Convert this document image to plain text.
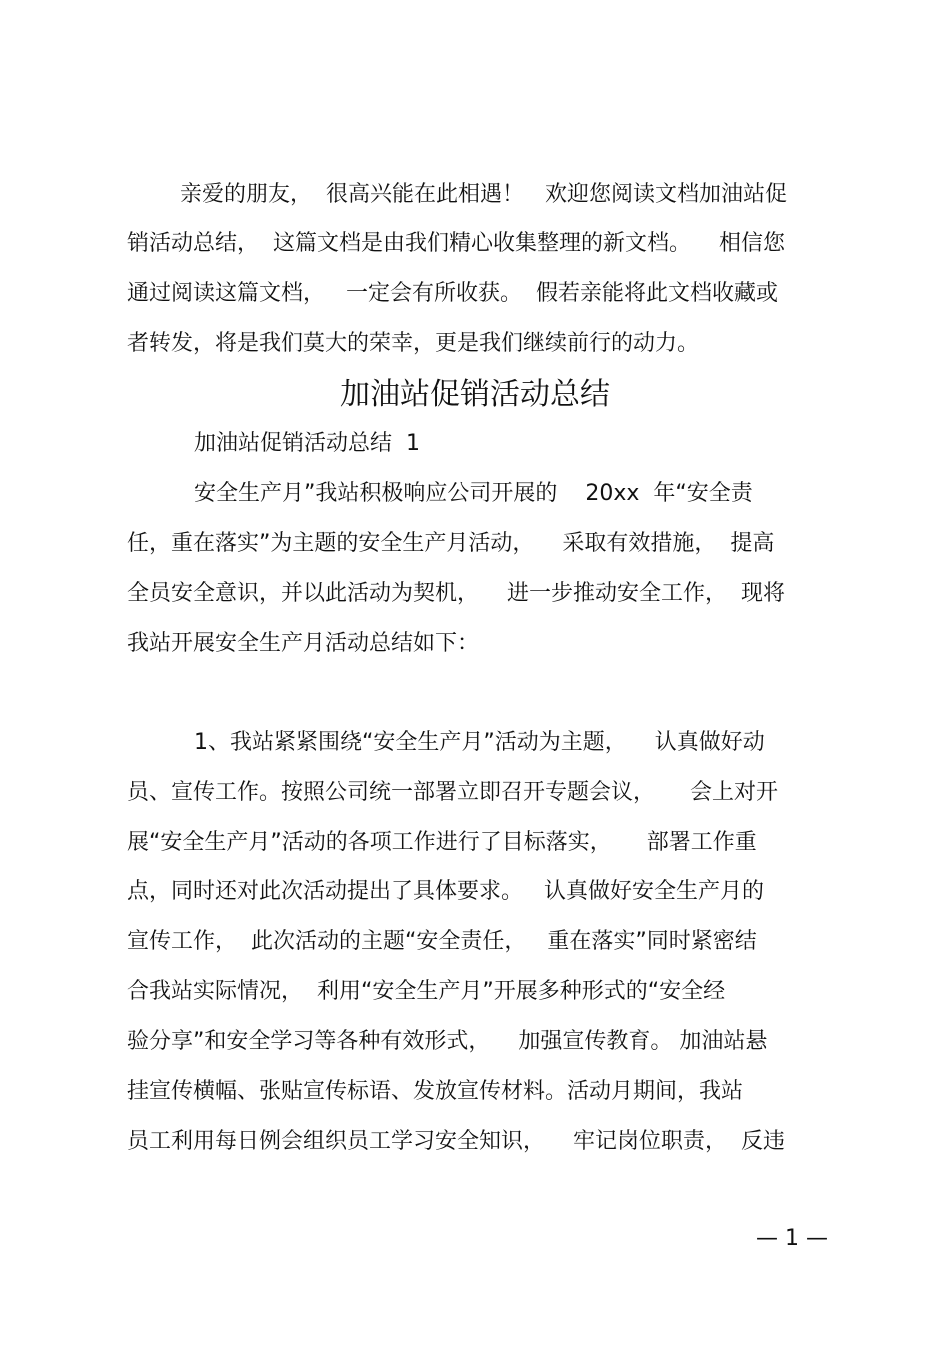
亲爱的朋友，  很高兴能在此相遇！   欢迎您阅读文档加油站促
销活动总结，  这篇文档是由我们精心收集整理的新文档。    相信您
通过阅读这篇文档，   一定会有所收获。  假若亲能将此文档收藏或
者转发，将是我们莫大的荣幸，更是我们继续前行的动力。
加油站促销活动总结
加油站促销活动总结  1
安全生产月”我站积极响应公司开展的    20xx  年“安全责
任，重在落实”为主题的安全生产月活动，    采取有效措施，  提高
全员安全意识，并以此活动为契机，    进一步推动安全工作，  现将
我站开展安全生产月活动总结如下：
1、我站紧紧围绕“安全生产月”活动为主题，    认真做好动
员、宣传工作。按照公司统一部署立即召开专题会议，     会上对开
展“安全生产月”活动的各项工作进行了目标落实，     部署工作重
点，同时还对此次活动提出了具体要求。   认真做好安全生产月的
宣传工作，  此次活动的主题“安全责任，   重在落实”同时紧密结
合我站实际情况，  利用“安全生产月”开展多种形式的“安全经
验分享”和安全学习等各种有效形式，    加强宣传教育。 加油站悬
挂宣传横幅、张贴宣传标语、发放宣传材料。活动月期间，我站
员工利用每日例会组织员工学习安全知识，    牢记岗位职责，  反违
— 1 —
